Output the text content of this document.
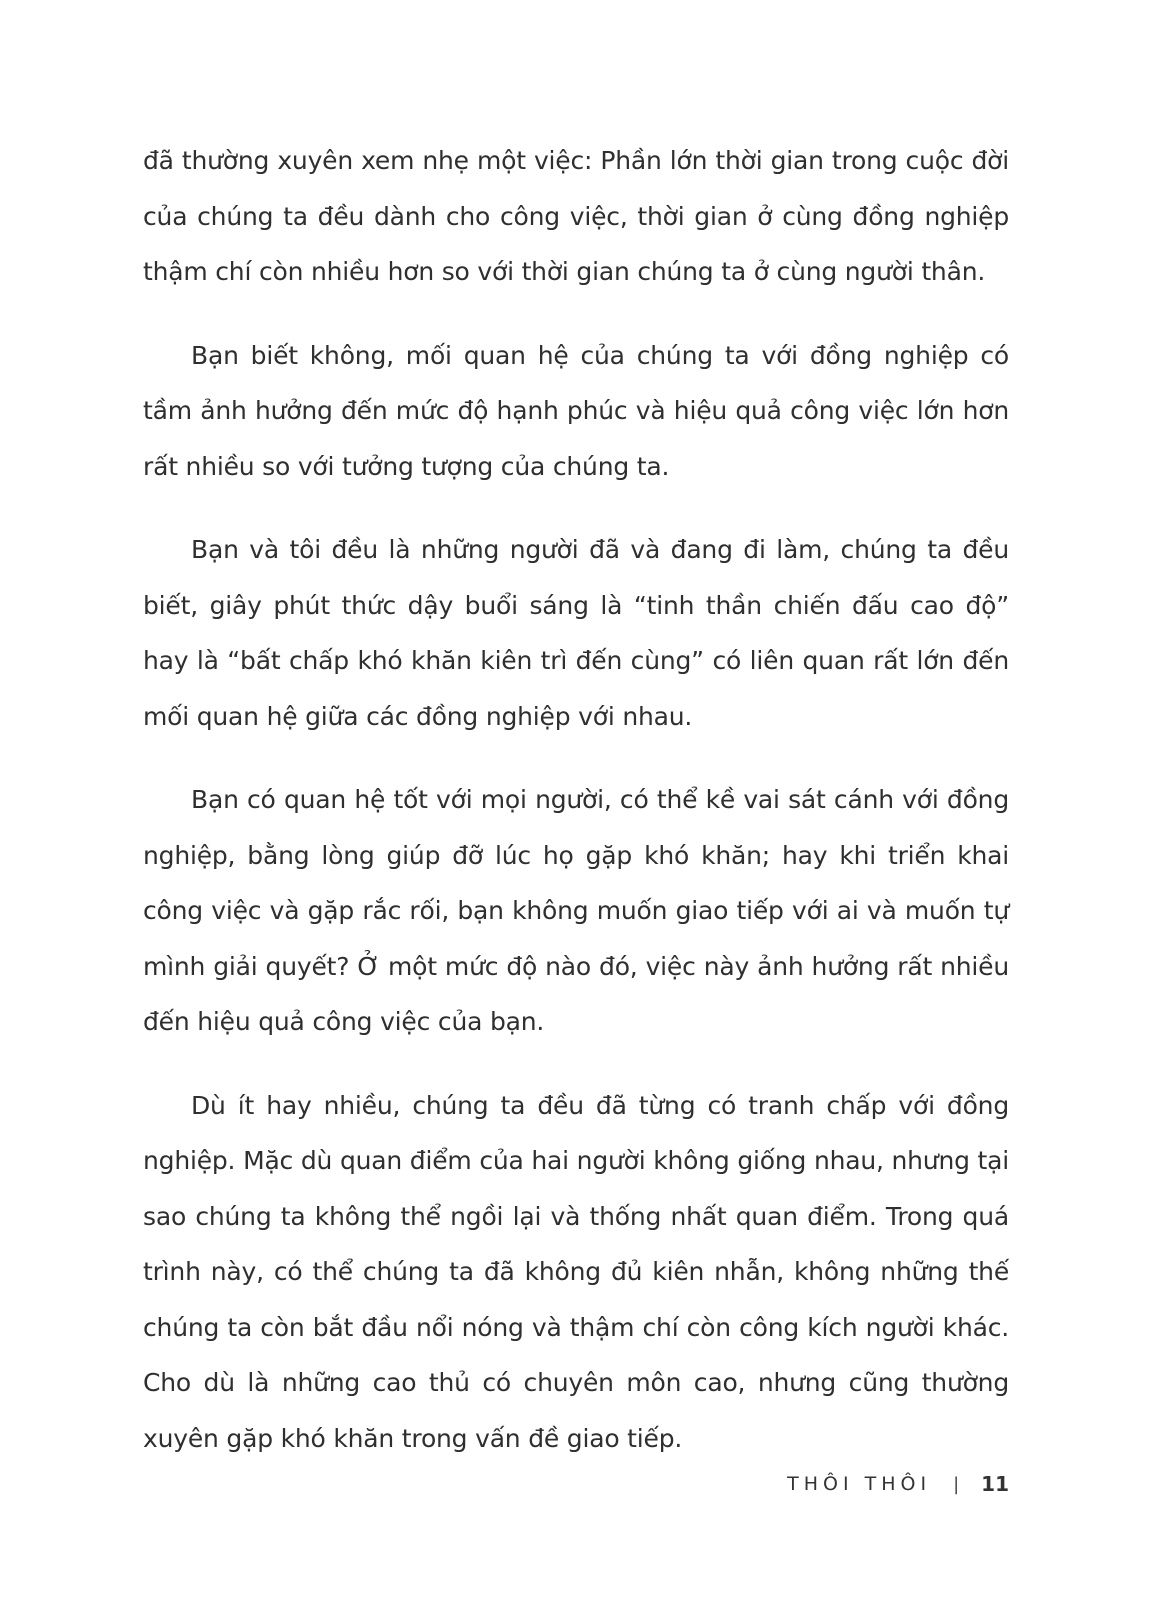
đã thường xuyên xem nhẹ một việc: Phần lớn thời gian trong cuộc đời của chúng ta đều dành cho công việc, thời gian ở cùng đồng nghiệp thậm chí còn nhiều hơn so với thời gian chúng ta ở cùng người thân.

Bạn biết không, mối quan hệ của chúng ta với đồng nghiệp có tầm ảnh hưởng đến mức độ hạnh phúc và hiệu quả công việc lớn hơn rất nhiều so với tưởng tượng của chúng ta.

Bạn và tôi đều là những người đã và đang đi làm, chúng ta đều biết, giây phút thức dậy buổi sáng là “tinh thần chiến đấu cao độ” hay là “bất chấp khó khăn kiên trì đến cùng” có liên quan rất lớn đến mối quan hệ giữa các đồng nghiệp với nhau.

Bạn có quan hệ tốt với mọi người, có thể kề vai sát cánh với đồng nghiệp, bằng lòng giúp đỡ lúc họ gặp khó khăn; hay khi triển khai công việc và gặp rắc rối, bạn không muốn giao tiếp với ai và muốn tự mình giải quyết? Ở một mức độ nào đó, việc này ảnh hưởng rất nhiều đến hiệu quả công việc của bạn.

Dù ít hay nhiều, chúng ta đều đã từng có tranh chấp với đồng nghiệp. Mặc dù quan điểm của hai người không giống nhau, nhưng tại sao chúng ta không thể ngồi lại và thống nhất quan điểm. Trong quá trình này, có thể chúng ta đã không đủ kiên nhẫn, không những thế chúng ta còn bắt đầu nổi nóng và thậm chí còn công kích người khác. Cho dù là những cao thủ có chuyên môn cao, nhưng cũng thường xuyên gặp khó khăn trong vấn đề giao tiếp.

THÔI THÔI | 11
